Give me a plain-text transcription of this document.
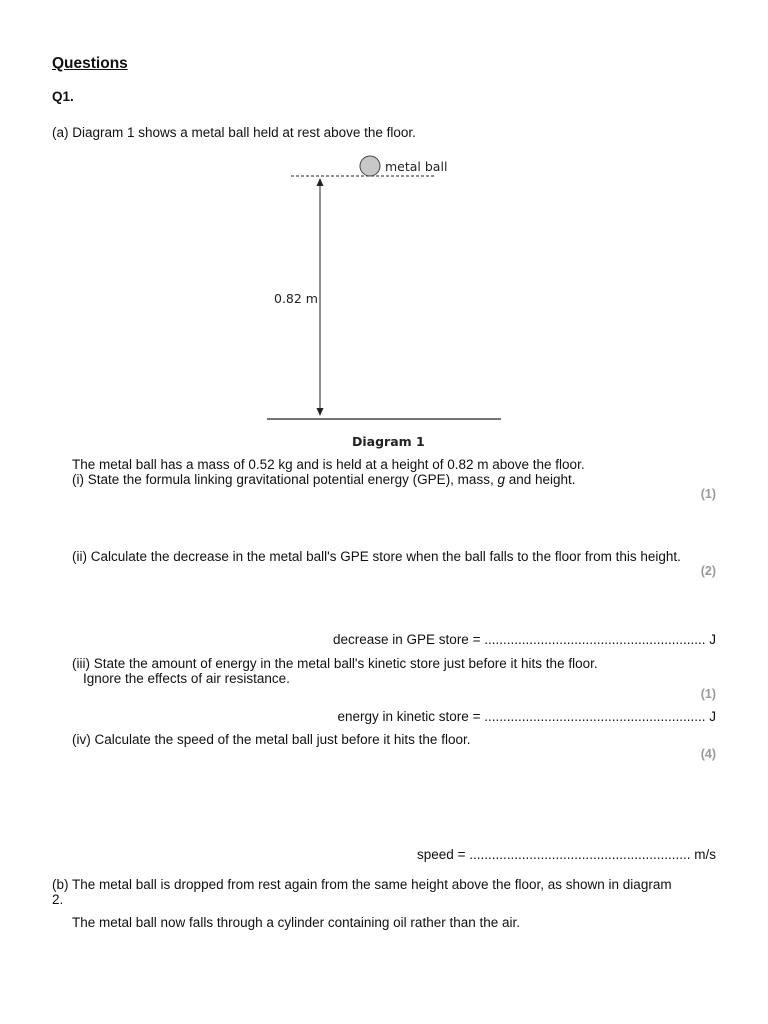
Questions
Q1.
(a) Diagram 1 shows a metal ball held at rest above the floor.
metal ball
0.82 m
Diagram 1
The metal ball has a mass of 0.52 kg and is held at a height of 0.82 m above the floor.
(i) State the formula linking gravitational potential energy (GPE), mass, g and height.
(1)
(ii) Calculate the decrease in the metal ball's GPE store when the ball falls to the floor from this height.
(2)
decrease in GPE store = ........................................................... J
(iii) State the amount of energy in the metal ball's kinetic store just before it hits the floor.
Ignore the effects of air resistance.
(1)
energy in kinetic store = ........................................................... J
(iv) Calculate the speed of the metal ball just before it hits the floor.
(4)
speed = ........................................................... m/s
(b) The metal ball is dropped from rest again from the same height above the floor, as shown in diagram
2.
The metal ball now falls through a cylinder containing oil rather than the air.
